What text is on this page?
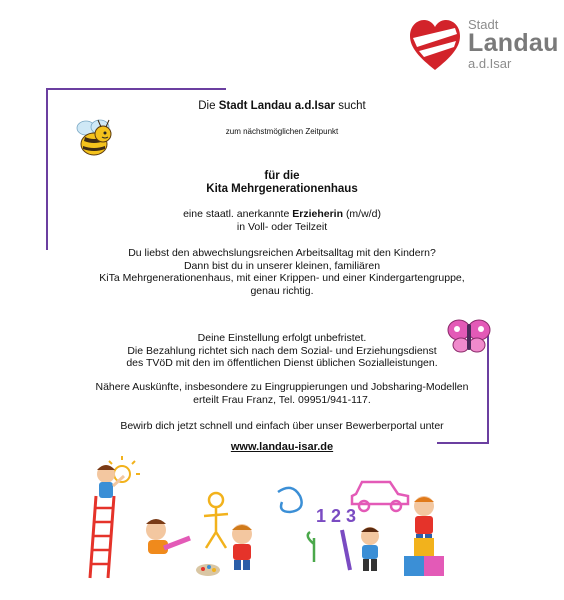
Stadt
Landau
a.d.Isar
Die Stadt Landau a.d.Isar sucht
zum nächstmöglichen Zeitpunkt
für die
Kita Mehrgenerationenhaus
eine staatl. anerkannte Erzieherin (m/w/d)
in Voll- oder Teilzeit
Du liebst den abwechslungsreichen Arbeitsalltag mit den Kindern?
Dann bist du in unserer kleinen, familiären
KiTa Mehrgenerationenhaus, mit einer Krippen- und einer Kindergartengruppe,
genau richtig.
Deine Einstellung erfolgt unbefristet.
Die Bezahlung richtet sich nach dem Sozial- und Erziehungsdienst
des TVöD mit den im öffentlichen Dienst üblichen Sozialleistungen.
Nähere Auskünfte, insbesondere zu Eingruppierungen und Jobsharing-Modellen
erteilt Frau Franz, Tel. 09951/941-117.
Bewirb dich jetzt schnell und einfach über unser Bewerberportal unter
www.landau-isar.de
1 2 3
